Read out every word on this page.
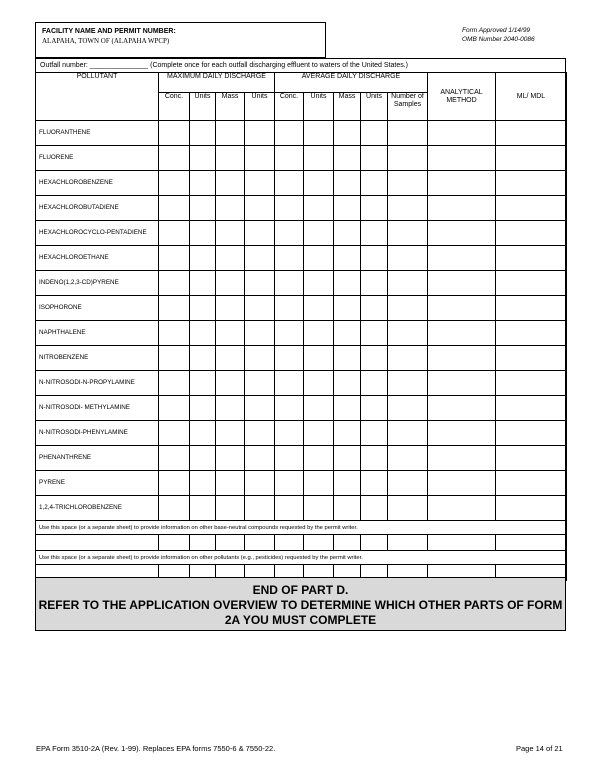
FACILITY NAME AND PERMIT NUMBER:
ALAPAHA, TOWN OF (ALAPAHA WPCP)
Form Approved 1/14/99
OMB Number 2040-0086
Outfall number: _______________ (Complete once for each outfall discharging effluent to waters of the United States.)
POLLUTANT	MAXIMUM DAILY DISCHARGE				AVERAGE DAILY DISCHARGE					ANALYTICAL METHOD	ML/ MDL
	Conc.	Units	Mass	Units	Conc.	Units	Mass	Units	Number of Samples		
FLUORANTHENE											
FLUORENE											
HEXACHLOROBENZENE											
HEXACHLOROBUTADIENE											
HEXACHLOROCYCLO-PENTADIENE											
HEXACHLOROETHANE											
INDENO(1,2,3-CD)PYRENE											
ISOPHORONE											
NAPHTHALENE											
NITROBENZENE											
N-NITROSODI-N-PROPYLAMINE											
N-NITROSODI- METHYLAMINE											
N-NITROSODI-PHENYLAMINE											
PHENANTHRENE											
PYRENE											
1,2,4-TRICHLOROBENZENE											
Use this space (or a separate sheet) to provide information on other base-neutral compounds requested by the permit writer.											

Use this space (or a separate sheet) to provide information on other pollutants (e.g., pesticides) requested by the permit writer.											

END OF PART D.
REFER TO THE APPLICATION OVERVIEW TO DETERMINE WHICH OTHER PARTS OF FORM 2A YOU MUST COMPLETE
EPA Form 3510-2A (Rev. 1-99). Replaces EPA forms 7550-6 & 7550-22.	Page 14 of 21
